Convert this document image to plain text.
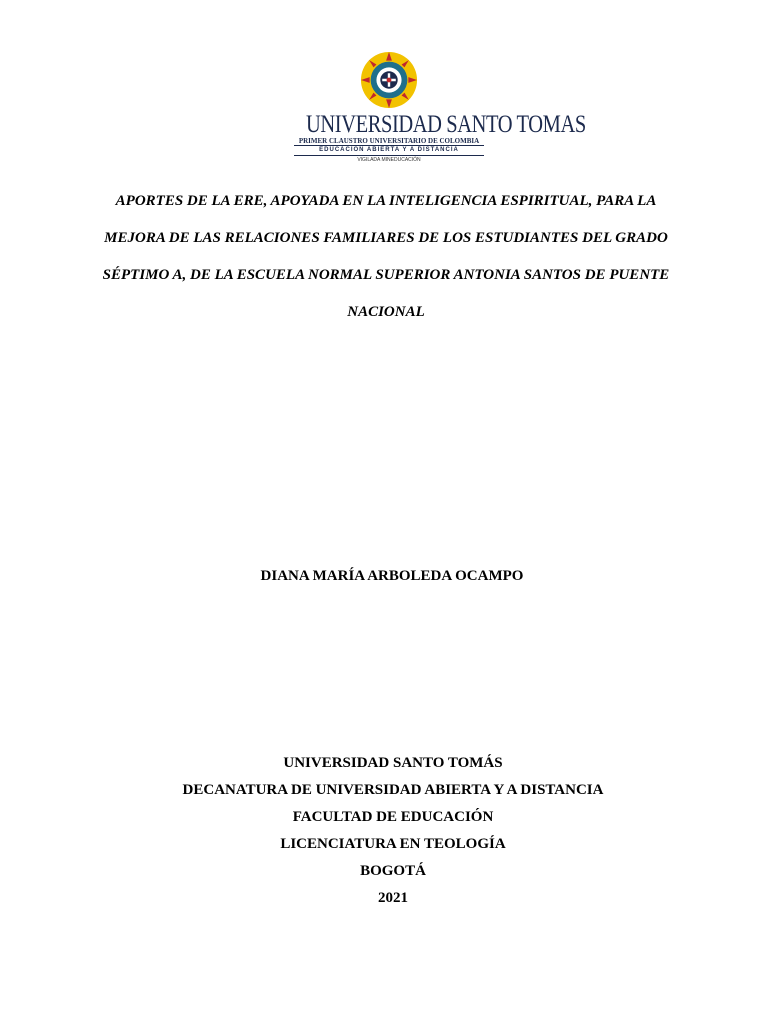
UNIVERSIDAD SANTO TOMAS
PRIMER CLAUSTRO UNIVERSITARIO DE COLOMBIA
EDUCACIÓN ABIERTA Y A DISTANCIA
VIGILADA MINEDUCACIÓN
APORTES DE LA ERE, APOYADA EN LA INTELIGENCIA ESPIRITUAL, PARA LA
MEJORA DE LAS RELACIONES FAMILIARES DE LOS ESTUDIANTES DEL GRADO
SÉPTIMO A, DE LA ESCUELA NORMAL SUPERIOR ANTONIA SANTOS DE PUENTE
NACIONAL
DIANA MARÍA ARBOLEDA OCAMPO
UNIVERSIDAD SANTO TOMÁS
DECANATURA DE UNIVERSIDAD ABIERTA Y A DISTANCIA
FACULTAD DE EDUCACIÓN
LICENCIATURA EN TEOLOGÍA
BOGOTÁ
2021
